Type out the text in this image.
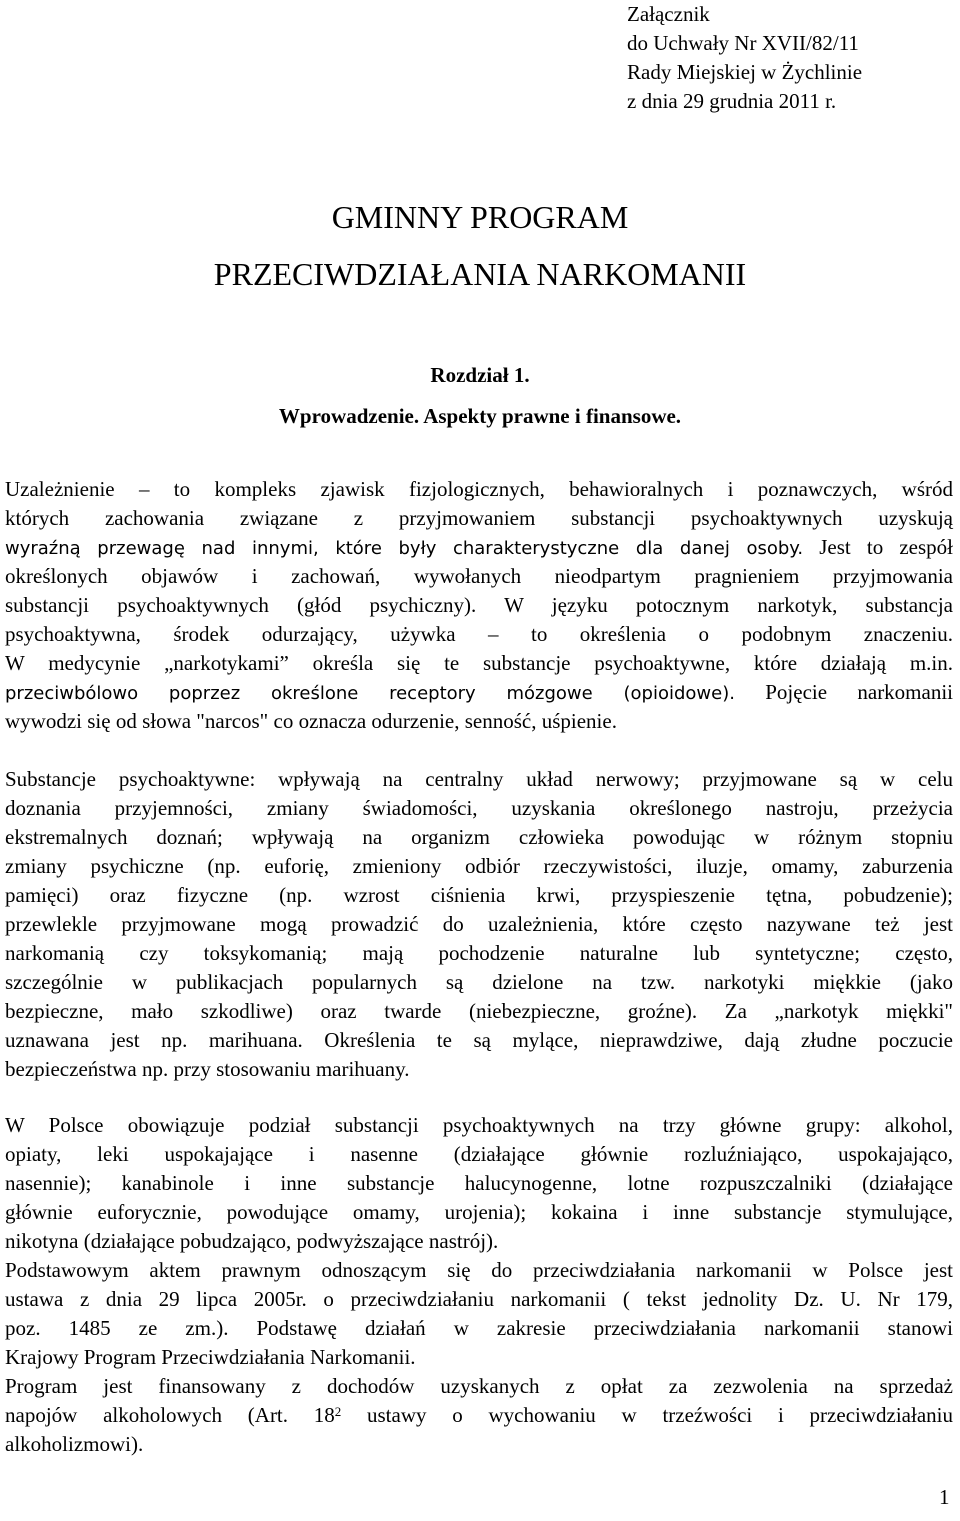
Załącznik
do Uchwały Nr XVII/82/11
Rady Miejskiej w Żychlinie
z dnia 29 grudnia 2011 r.
GMINNY PROGRAM
PRZECIWDZIAŁANIA NARKOMANII
Rozdział 1.
Wprowadzenie. Aspekty prawne i finansowe.
Uzależnienie – to kompleks zjawisk fizjologicznych, behawioralnych i poznawczych, wśród
których zachowania związane z przyjmowaniem substancji psychoaktywnych uzyskują
wyraźną przewagę nad innymi, które były charakterystyczne dla danej osoby. Jest to zespół
określonych objawów i zachowań, wywołanych nieodpartym pragnieniem przyjmowania
substancji psychoaktywnych (głód psychiczny). W języku potocznym narkotyk, substancja
psychoaktywna, środek odurzający, używka – to określenia o podobnym znaczeniu.
W medycynie „narkotykami” określa się te substancje psychoaktywne, które działają m.in.
przeciwbólowo poprzez określone receptory mózgowe (opioidowe). Pojęcie narkomanii
wywodzi się od słowa "narcos" co oznacza odurzenie, senność, uśpienie.
Substancje psychoaktywne: wpływają na centralny układ nerwowy; przyjmowane są w celu
doznania przyjemności, zmiany świadomości, uzyskania określonego nastroju, przeżycia
ekstremalnych doznań; wpływają na organizm człowieka powodując w różnym stopniu
zmiany psychiczne (np. euforię, zmieniony odbiór rzeczywistości, iluzje, omamy, zaburzenia
pamięci) oraz fizyczne (np. wzrost ciśnienia krwi, przyspieszenie tętna, pobudzenie);
przewlekle przyjmowane mogą prowadzić do uzależnienia, które często nazywane też jest
narkomanią czy toksykomanią; mają pochodzenie naturalne lub syntetyczne; często,
szczególnie w publikacjach popularnych są dzielone na tzw. narkotyki miękkie (jako
bezpieczne, mało szkodliwe) oraz twarde (niebezpieczne, groźne). Za „narkotyk miękki"
uznawana jest np. marihuana. Określenia te są mylące, nieprawdziwe, dają złudne poczucie
bezpieczeństwa np. przy stosowaniu marihuany.
W Polsce obowiązuje podział substancji psychoaktywnych na trzy główne grupy: alkohol,
opiaty, leki uspokajające i nasenne (działające głównie rozluźniająco, uspokajająco,
nasennie); kanabinole i inne substancje halucynogenne, lotne rozpuszczalniki (działające
głównie euforycznie, powodujące omamy, urojenia); kokaina i inne substancje stymulujące,
nikotyna (działające pobudzająco, podwyższające nastrój).
Podstawowym aktem prawnym odnoszącym się do przeciwdziałania narkomanii w Polsce jest
ustawa z dnia 29 lipca 2005r. o przeciwdziałaniu narkomanii ( tekst jednolity Dz. U. Nr 179,
poz. 1485 ze zm.). Podstawę działań w zakresie przeciwdziałania narkomanii stanowi
Krajowy Program Przeciwdziałania Narkomanii.
Program jest finansowany z dochodów uzyskanych z opłat za zezwolenia na sprzedaż
napojów alkoholowych (Art. $18^2$ ustawy o wychowaniu w trzeźwości i przeciwdziałaniu
alkoholizmowi).
1
